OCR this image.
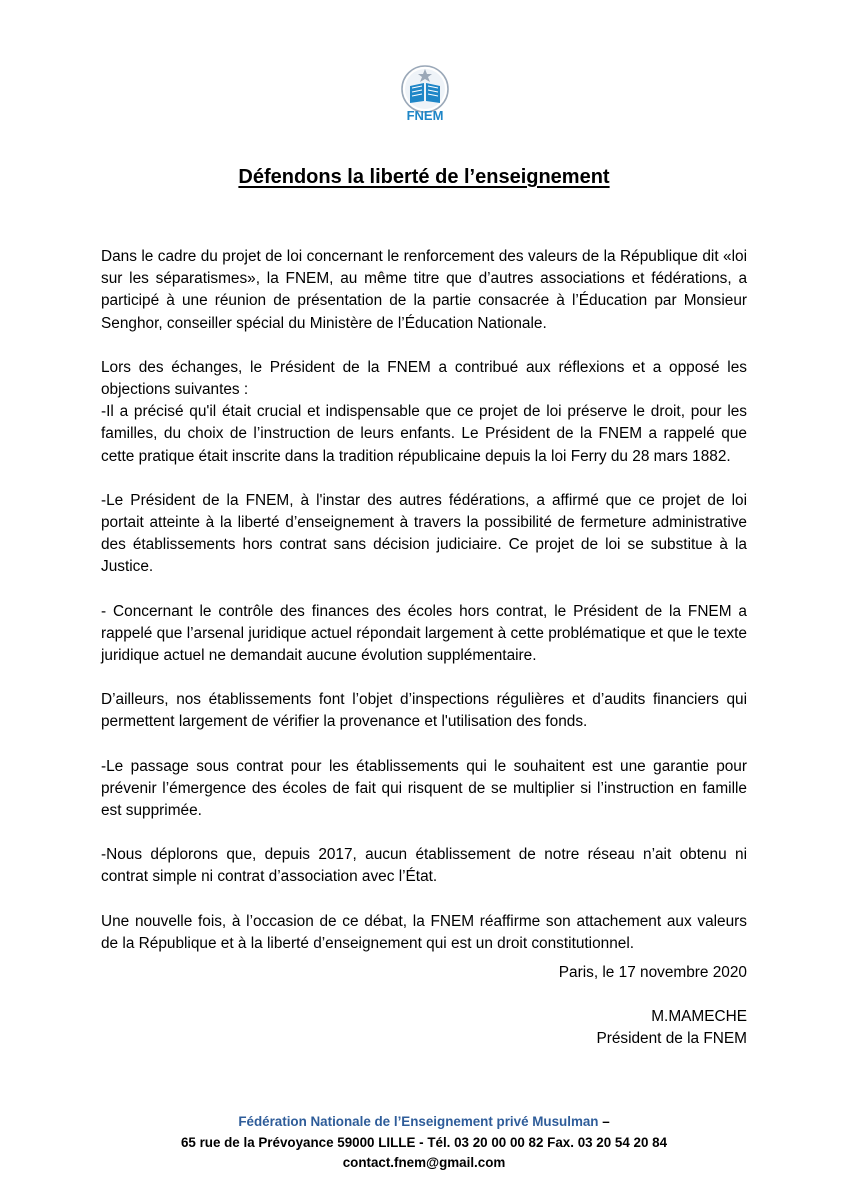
FNEM
Défendons la liberté de l’enseignement

Dans le cadre du projet de loi concernant le renforcement des valeurs de la République dit «loi sur les séparatismes», la FNEM, au même titre que d’autres associations et fédérations, a participé à une réunion de présentation de la partie consacrée à l’Éducation par Monsieur Senghor, conseiller spécial du Ministère de l’Éducation Nationale.

Lors des échanges, le Président de la FNEM a contribué aux réflexions et a opposé les objections suivantes :

-Il a précisé qu'il était crucial et indispensable que ce projet de loi préserve le droit, pour les familles, du choix de l’instruction de leurs enfants. Le Président de la FNEM a rappelé que cette pratique était inscrite dans la tradition républicaine depuis la loi Ferry du 28 mars 1882.

-Le Président de la FNEM, à l'instar des autres fédérations, a affirmé que ce projet de loi portait atteinte à la liberté d’enseignement à travers la possibilité de fermeture administrative des établissements hors contrat sans décision judiciaire. Ce projet de loi se substitue à la Justice.

- Concernant le contrôle des finances des écoles hors contrat, le Président de la FNEM a rappelé que l’arsenal juridique actuel répondait largement à cette problématique et que le texte juridique actuel ne demandait aucune évolution supplémentaire.

D’ailleurs, nos établissements font l’objet d’inspections régulières et d’audits financiers qui permettent largement de vérifier la provenance et l'utilisation des fonds.

-Le passage sous contrat pour les établissements qui le souhaitent est une garantie pour prévenir l’émergence des écoles de fait qui risquent de se multiplier si l’instruction en famille est supprimée.

-Nous déplorons que, depuis 2017, aucun établissement de notre réseau n’ait obtenu ni contrat simple ni contrat d’association avec l’État.

Une nouvelle fois, à l’occasion de ce débat, la FNEM réaffirme son attachement aux valeurs de la République et à la liberté d’enseignement qui est un droit constitutionnel.

Paris, le 17 novembre 2020
M.MAMECHE
Président de la FNEM
Fédération Nationale de l’Enseignement privé Musulman –
65 rue de la Prévoyance 59000 LILLE - Tél. 03 20 00 00 82 Fax. 03 20 54 20 84
contact.fnem@gmail.com
